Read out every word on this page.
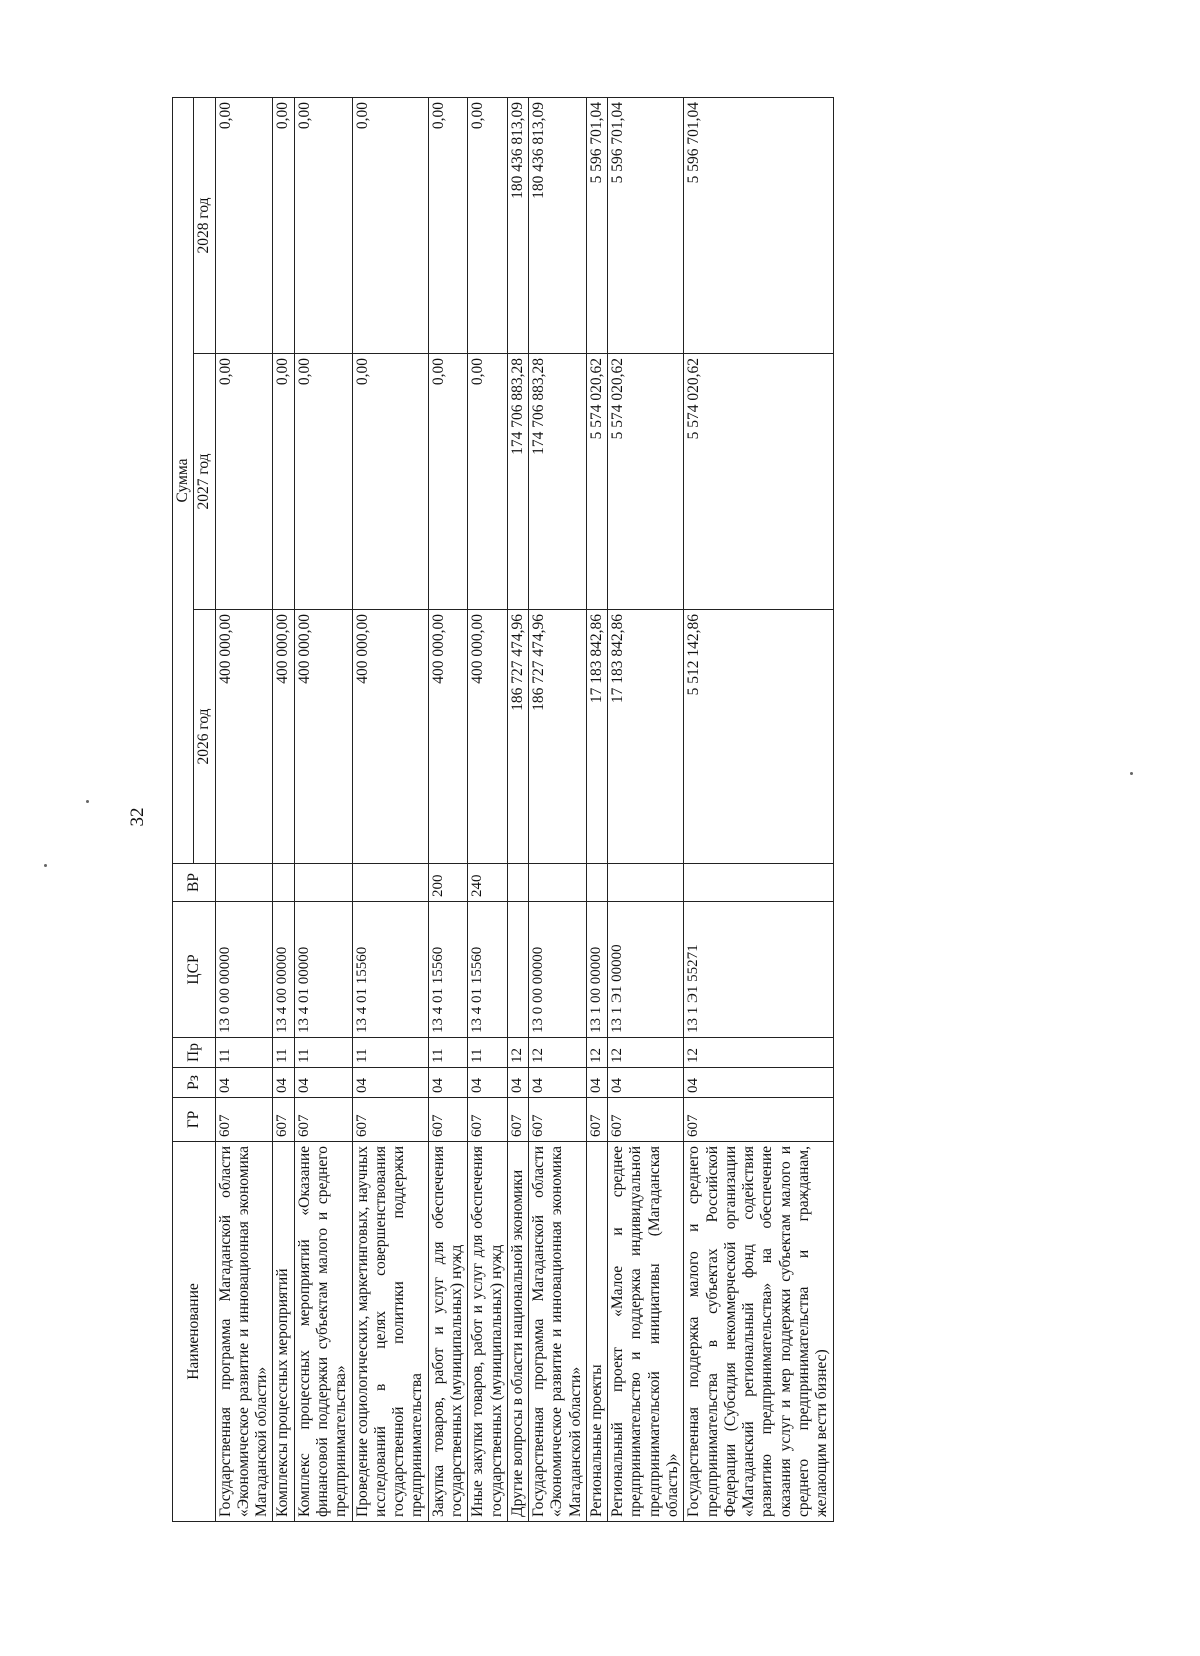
32
Наименование	ГР	Рз	Пр	ЦСР	ВР	Сумма		
						2026 год	2027 год	2028 год
Государственная программа Магаданской области «Экономическое развитие и инновационная экономика Магаданской области»	607	04	11	13 0 00 00000		400 000,00	0,00	0,00
Комплексы процессных мероприятий	607	04	11	13 4 00 00000		400 000,00	0,00	0,00
Комплекс процессных мероприятий «Оказание финансовой поддержки субъектам малого и среднего предпринимательства»	607	04	11	13 4 01 00000		400 000,00	0,00	0,00
Проведение социологических, маркетинговых, научных исследований в целях совершенствования государственной политики поддержки предпринимательства	607	04	11	13 4 01 15560		400 000,00	0,00	0,00
Закупка товаров, работ и услуг для обеспечения государственных (муниципальных) нужд	607	04	11	13 4 01 15560	200	400 000,00	0,00	0,00
Иные закупки товаров, работ и услуг для обеспечения государственных (муниципальных) нужд	607	04	11	13 4 01 15560	240	400 000,00	0,00	0,00
Другие вопросы в области национальной экономики	607	04	12			186 727 474,96	174 706 883,28	180 436 813,09
Государственная программа Магаданской области «Экономическое развитие и инновационная экономика Магаданской области»	607	04	12	13 0 00 00000		186 727 474,96	174 706 883,28	180 436 813,09
Региональные проекты	607	04	12	13 1 00 00000		17 183 842,86	5 574 020,62	5 596 701,04
Региональный проект «Малое и среднее предпринимательство и поддержка индивидуальной предпринимательской инициативы (Магаданская область)»	607	04	12	13 1 Э1 00000		17 183 842,86	5 574 020,62	5 596 701,04
Государственная поддержка малого и среднего предпринимательства в субъектах Российской Федерации (Субсидия некоммерческой организации «Магаданский региональный фонд содействия развитию предпринимательства» на обеспечение оказания услуг и мер поддержки субъектам малого и среднего предпринимательства и гражданам, желающим вести бизнес)	607	04	12	13 1 Э1 55271		5 512 142,86	5 574 020,62	5 596 701,04
